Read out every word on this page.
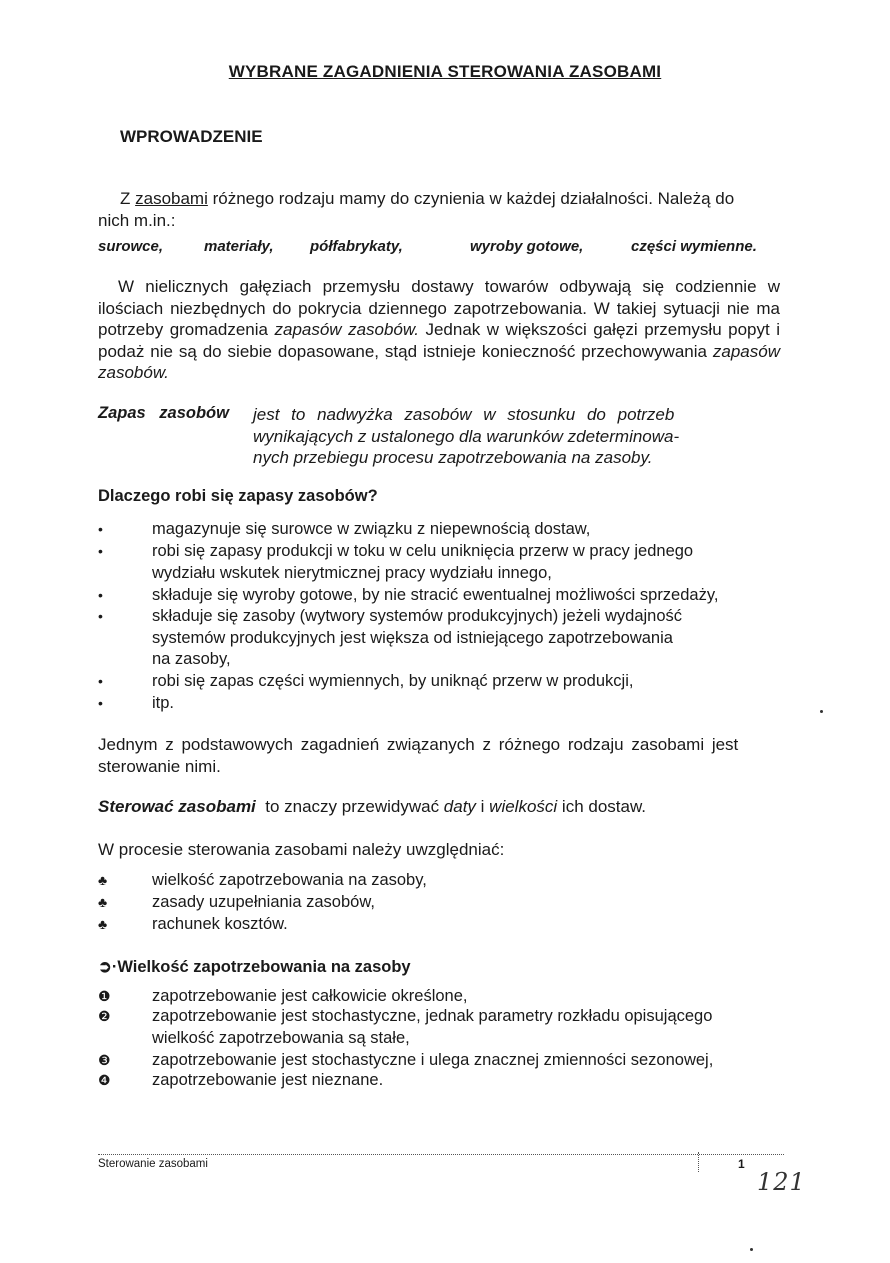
WYBRANE ZAGADNIENIA STEROWANIA ZASOBAMI
WPROWADZENIE
Z zasobami różnego rodzaju mamy do czynienia w każdej działalności. Należą do
nich m.in.:
surowce,	materiały, półfabrykaty,	wyroby gotowe,	części wymienne.
W nielicznych gałęziach przemysłu dostawy towarów odbywają się codziennie w ilościach niezbędnych do pokrycia dziennego zapotrzebowania. W takiej sytuacji nie ma potrzeby gromadzenia zapasów zasobów. Jednak w większości gałęzi przemysłu popyt i podaż nie są do siebie dopasowane, stąd istnieje konieczność przechowywania zapasów zasobów.
Zapas zasobów jest to nadwyżka zasobów w stosunku do potrzeb
wynikających z ustalonego dla warunków zdeterminowa-
nych przebiegu procesu zapotrzebowania na zasoby.
Dlaczego robi się zapasy zasobów?
•	magazynuje się surowce w związku z niepewnością dostaw,
•	robi się zapasy produkcji w toku w celu uniknięcia przerw w pracy jednego
wydziału wskutek nierytmicznej pracy wydziału innego,
•	składuje się wyroby gotowe, by nie stracić ewentualnej możliwości sprzedaży,
•	składuje się zasoby (wytwory systemów produkcyjnych) jeżeli wydajność
systemów produkcyjnych jest większa od istniejącego zapotrzebowania
na zasoby,
•	robi się zapas części wymiennych, by uniknąć przerw w produkcji,
•	itp.
Jednym z podstawowych zagadnień związanych z różnego rodzaju zasobami jest
sterowanie nimi.
Sterować zasobami  to znaczy przewidywać daty i wielkości ich dostaw.
W procesie sterowania zasobami należy uwzględniać:
♣	wielkość zapotrzebowania na zasoby,
♣	zasady uzupełniania zasobów,
♣	rachunek kosztów.
➲·Wielkość zapotrzebowania na zasoby
❶	zapotrzebowanie jest całkowicie określone,
❷	zapotrzebowanie jest stochastyczne, jednak parametry rozkładu opisującego
wielkość zapotrzebowania są stałe,
❸	zapotrzebowanie jest stochastyczne i ulega znacznej zmienności sezonowej,
❹	zapotrzebowanie jest nieznane.
Sterowanie zasobami	1
121
